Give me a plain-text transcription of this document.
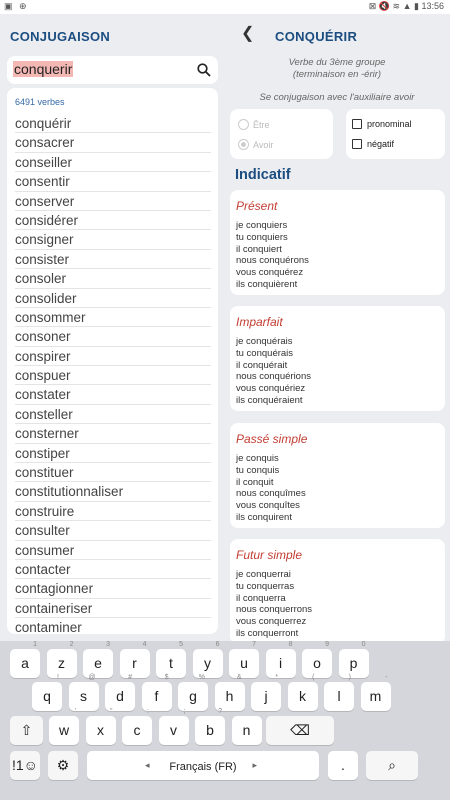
▣ ⊕	⊠ 🔇 ≋ ▲ ▮ 13:56
CONJUGAISON
conquerir
6491 verbes
conquérir
consacrer
conseiller
consentir
conserver
considérer
consigner
consister
consoler
consolider
consommer
consoner
conspirer
conspuer
constater
consteller
consterner
constiper
constituer
constitutionnaliser
construire
consulter
consumer
contacter
contagionner
containeriser
contaminer
❮ CONQUÉRIR
Verbe du 3ème groupe
(terminaison en -érir)
Se conjugaison avec l'auxiliaire avoir
Être
Avoir
pronominal
négatif
Indicatif
Présent
je conquiers
tu conquiers
il conquiert
nous conquérons
vous conquérez
ils conquièrent
Imparfait
je conquérais
tu conquérais
il conquérait
nous conquérions
vous conquériez
ils conquéraient
Passé simple
je conquis
tu conquis
il conquit
nous conquîmes
vous conquîtes
ils conquirent
Futur simple
je conquerrai
tu conquerras
il conquerra
nous conquerrons
vous conquerrez
ils conquerront
a
1
z
2
e
3
r
4
t
5
y
6
u
7
i
8
o
9
p
0
q
!
s
@
d
#
f
$
g
%
h
&
j
*
k
(
l
)
m
-
⇧	w
'
x
"
c
:
v
;
b
?
n	⌫
!1☺	⚙	Français (FR)
◂	▸	.	⌕
